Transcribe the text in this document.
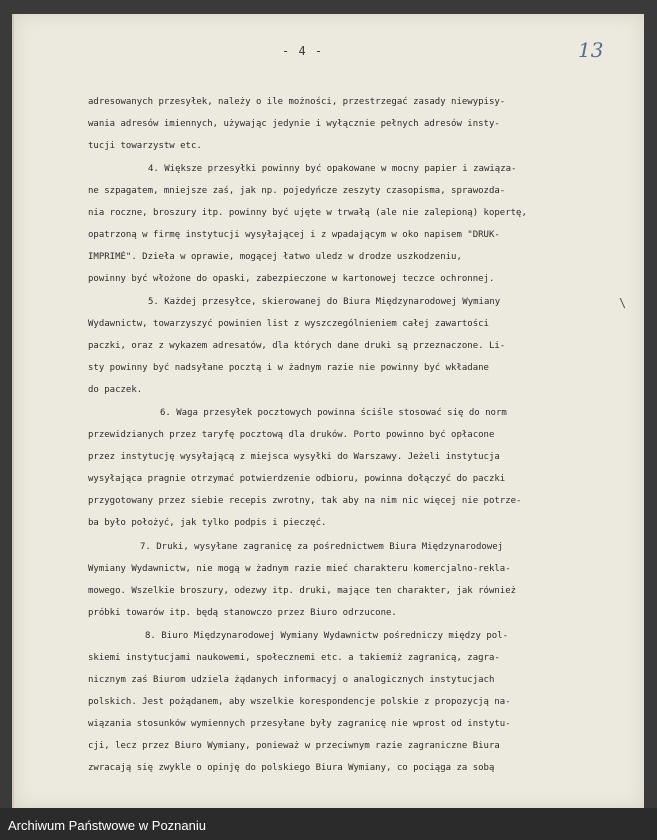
- 4 -	13
\
adresowanych przesyłek, należy o ile możności, przestrzegać zasady niewypisy-
wania adresów imiennych, używając jedynie i wyłącznie pełnych adresów insty-
tucji towarzystw etc.
4. Większe przesyłki powinny być opakowane w mocny papier i zawiąza-
ne szpagatem, mniejsze zaś, jak np. pojedyńcze zeszyty czasopisma, sprawozda-
nia roczne, broszury itp. powinny być ujęte w trwałą (ale nie zalepioną) kopertę,
opatrzoną w firmę instytucji wysyłającej i z wpadającym w oko napisem "DRUK-
IMPRIMÉ". Dzieła w oprawie, mogącej łatwo uledz w drodze uszkodzeniu,
powinny być włożone do opaski, zabezpieczone w kartonowej teczce ochronnej.
5. Każdej przesyłce, skierowanej do Biura Międzynarodowej Wymiany
Wydawnictw, towarzyszyć powinien list z wyszczególnieniem całej zawartości
paczki, oraz z wykazem adresatów, dla których dane druki są przeznaczone. Li-
sty powinny być nadsyłane pocztą i w żadnym razie nie powinny być wkładane
do paczek.
6. Waga przesyłek pocztowych powinna ściśle stosować się do norm
przewidzianych przez taryfę pocztową dla druków. Porto powinno być opłacone
przez instytucję wysyłającą z miejsca wysyłki do Warszawy. Jeżeli instytucja
wysyłająca pragnie otrzymać potwierdzenie odbioru, powinna dołączyć do paczki
przygotowany przez siebie recepis zwrotny, tak aby na nim nic więcej nie potrze-
ba było położyć, jak tylko podpis i pieczęć.
7. Druki, wysyłane zagranicę za pośrednictwem Biura Międzynarodowej
Wymiany Wydawnictw, nie mogą w żadnym razie mieć charakteru komercjalno-rekla-
mowego. Wszelkie broszury, odezwy itp. druki, mające ten charakter, jak również
próbki towarów itp. będą stanowczo przez Biuro odrzucone.
8. Biuro Międzynarodowej Wymiany Wydawnictw pośredniczy między pol-
skiemi instytucjami naukowemi, społecznemi etc. a takiemiż zagranicą, zagra-
nicznym zaś Biurom udziela żądanych informacyj o analogicznych instytucjach
polskich. Jest pożądanem, aby wszelkie korespondencje polskie z propozycją na-
wiązania stosunków wymiennych przesyłane były zagranicę nie wprost od instytu-
cji, lecz przez Biuro Wymiany, ponieważ w przeciwnym razie zagraniczne Biura
zwracają się zwykle o opinję do polskiego Biura Wymiany, co pociąga za sobą
Archiwum Państwowe w Poznaniu
